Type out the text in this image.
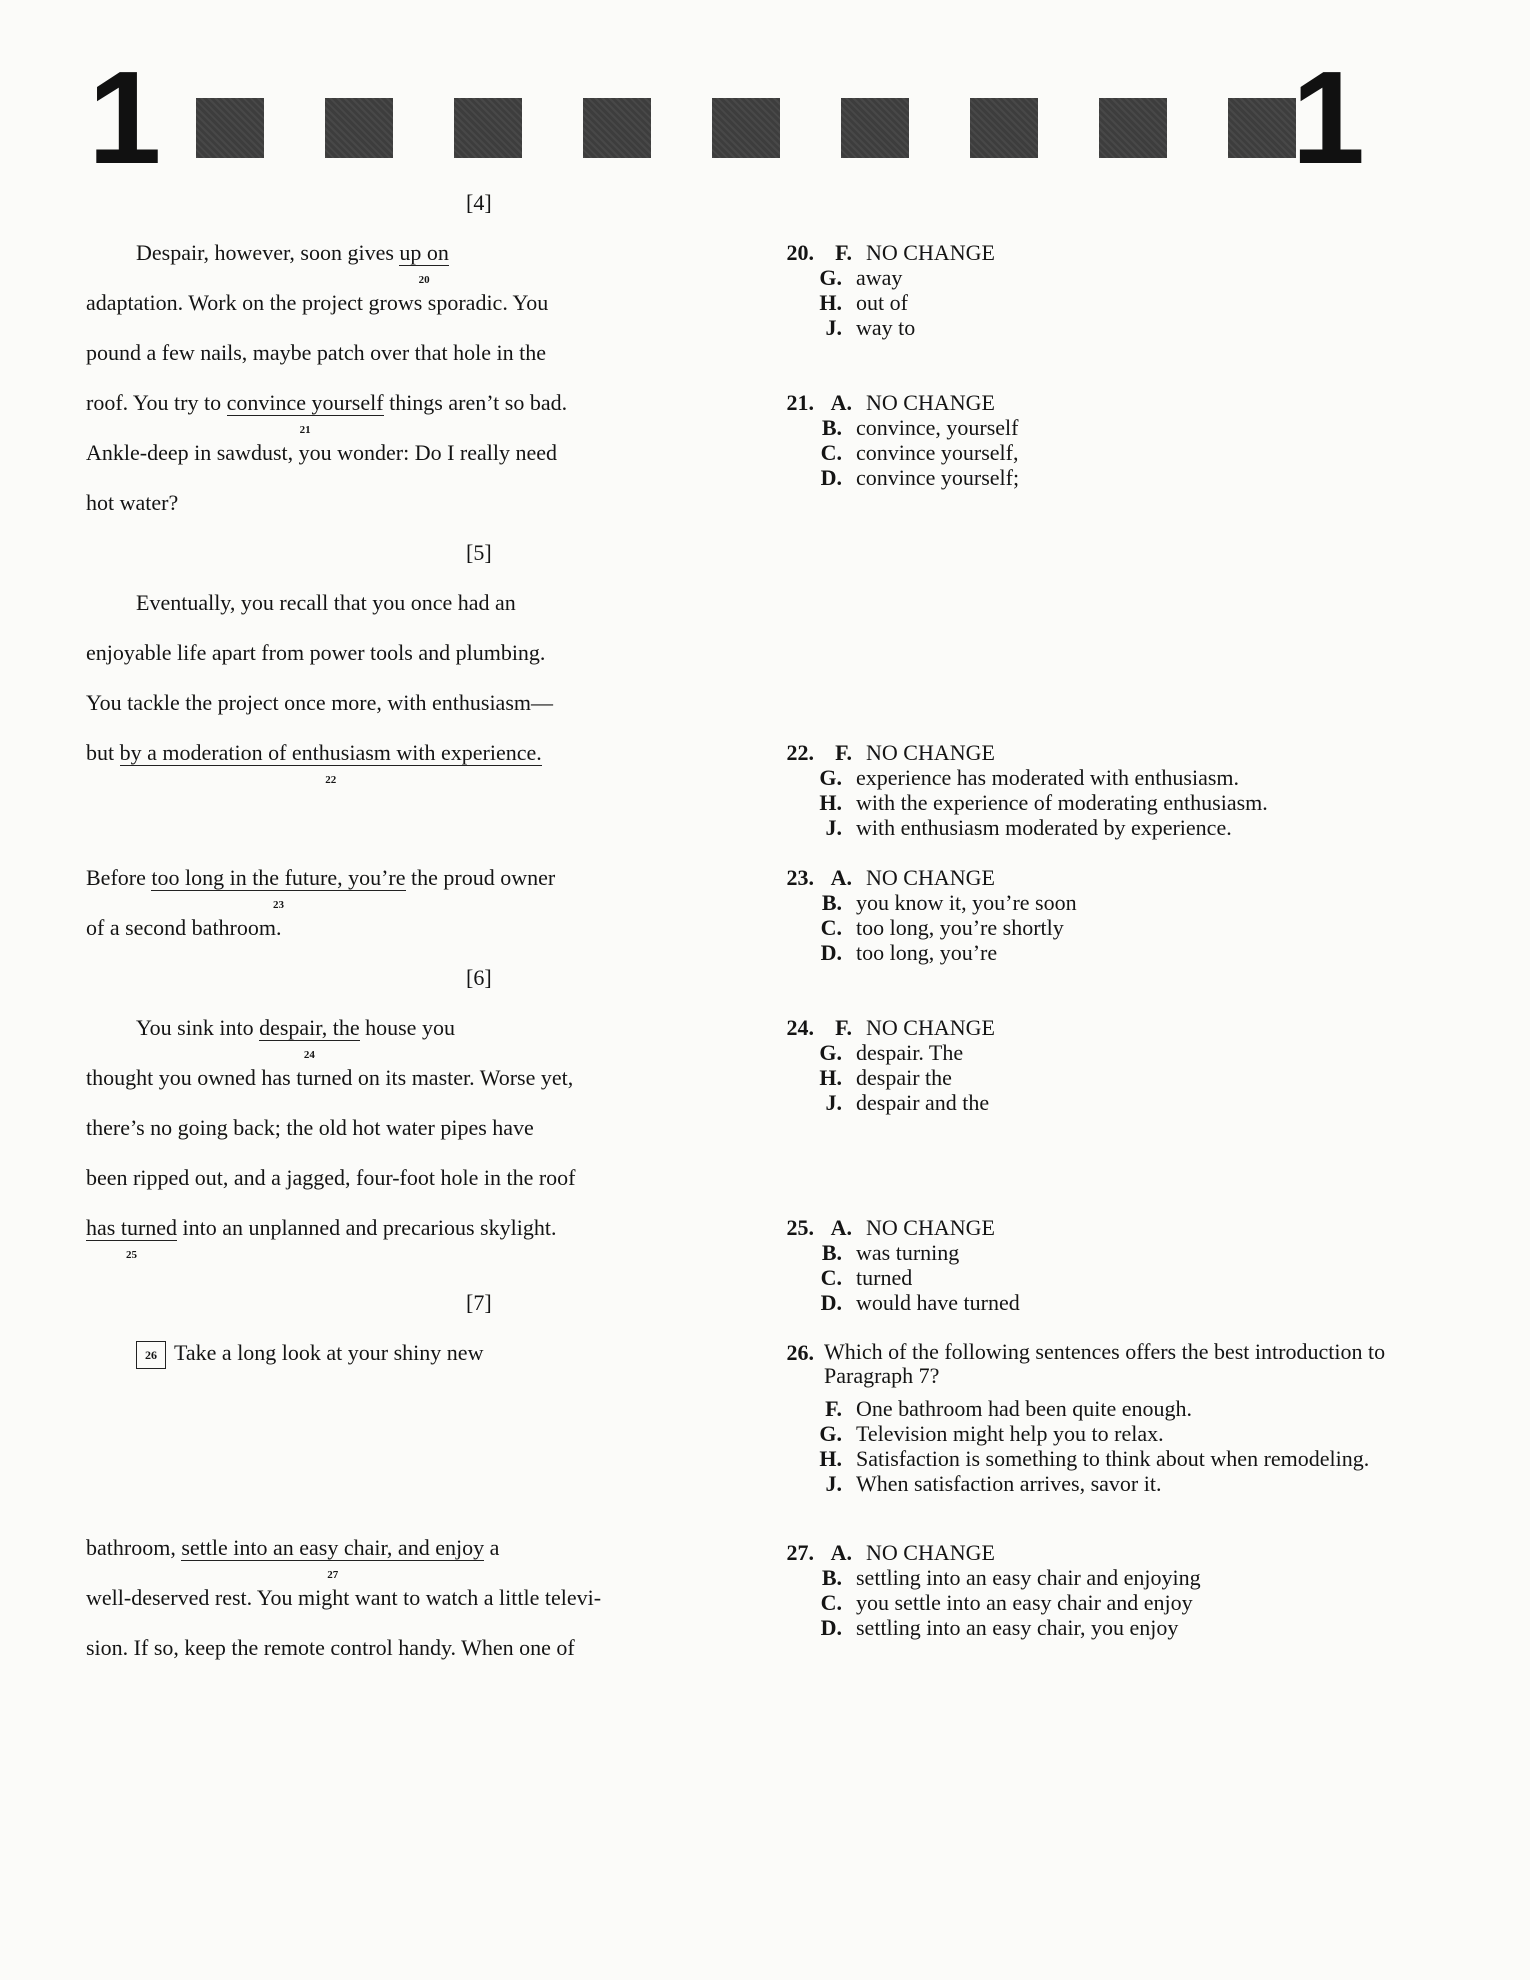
1	1
[4]
Despair, however, soon gives up on
20
adaptation. Work on the project grows sporadic. You
pound a few nails, maybe patch over that hole in the
roof. You try to convince yourself
21
things aren’t so bad.
Ankle-deep in sawdust, you wonder: Do I really need
hot water?
[5]
Eventually, you recall that you once had an
enjoyable life apart from power tools and plumbing.
You tackle the project once more, with enthusiasm—
but by a moderation of enthusiasm with experience.
22
Before too long in the future, you’re
23
the proud owner
of a second bathroom.
[6]
You sink into despair, the
24
house you
thought you owned has turned on its master. Worse yet,
there’s no going back; the old hot water pipes have
been ripped out, and a jagged, four-foot hole in the roof
has turned
25
into an unplanned and precarious skylight.
[7]
26 Take a long look at your shiny new
bathroom, settle into an easy chair, and enjoy
27
a
well-deserved rest. You might want to watch a little televi-
sion. If so, keep the remote control handy. When one of
20. F. NO CHANGE
G. away
H. out of
J. way to
21. A. NO CHANGE
B. convince, yourself
C. convince yourself,
D. convince yourself;
22. F. NO CHANGE
G. experience has moderated with enthusiasm.
H. with the experience of moderating enthusiasm.
J. with enthusiasm moderated by experience.
23. A. NO CHANGE
B. you know it, you’re soon
C. too long, you’re shortly
D. too long, you’re
24. F. NO CHANGE
G. despair. The
H. despair the
J. despair and the
25. A. NO CHANGE
B. was turning
C. turned
D. would have turned
26. Which of the following sentences offers the best introduction to Paragraph 7?
F. One bathroom had been quite enough.
G. Television might help you to relax.
H. Satisfaction is something to think about when remodeling.
J. When satisfaction arrives, savor it.
27. A. NO CHANGE
B. settling into an easy chair and enjoying
C. you settle into an easy chair and enjoy
D. settling into an easy chair, you enjoy
